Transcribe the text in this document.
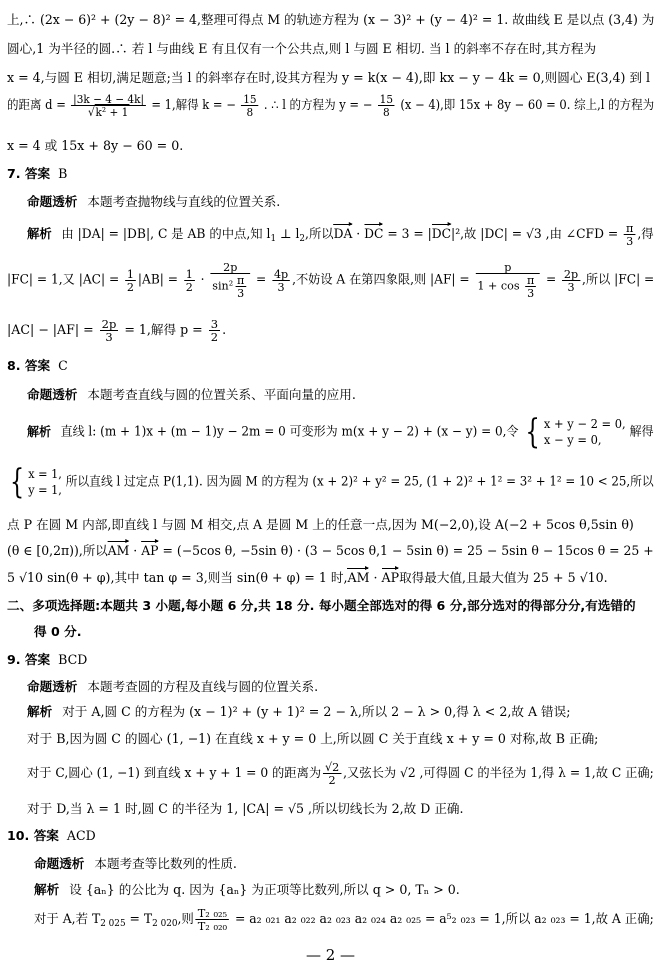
上,∴ (2x − 6)² + (2y − 8)² = 4,整理可得点 M 的轨迹方程为 (x − 3)² + (y − 4)² = 1. 故曲线 E 是以点 (3,4) 为
圆心,1 为半径的圆.∴ 若 l 与曲线 E 有且仅有一个公共点,则 l 与圆 E 相切. 当 l 的斜率不存在时,其方程为
x = 4,与圆 E 相切,满足题意;当 l 的斜率存在时,设其方程为 y = k(x − 4),即 kx − y − 4k = 0,则圆心 E(3,4) 到 l
的距离 $d = \frac{|3k - 4 - 4k|}{\text{√k² + 1}} = 1$,解得 k = − $\frac{15}{8}$ . ∴ l 的方程为 y = − $\frac{15}{8} (x - 4)$,即 15x + 8y − 60 = 0. 综上,l 的方程为
x = 4 或 15x + 8y − 60 = 0.
7. 答案 B
命题透析 本题考查抛物线与直线的位置关系.
解析 由 |DA| = |DB|, C 是 AB 的中点,知 $l_1$ ⊥ $l_2$,所以DA · DC = 3 = |DC|²,故 |DC| = √3 ,由 ∠CFD = $\frac{\pi}{3}$ ,得
|FC| = 1,又 $|AC| = \frac{1}{2} |AB| = \frac{1}{2} \cdot \frac{2p}{\sin^2 \frac{\pi}{3}} = \frac{4p}{3}$ ,不妨设 A 在第四象限,则 $|AF| = \frac{p}{1 + \cos \frac{\pi}{3}} = \frac{2p}{3}$ ,所以 |FC| =
$|AC| - |AF| = \frac{2p}{3} = 1$,解得 $p = \frac{3}{2}$ .
8. 答案 C
命题透析 本题考查直线与圆的位置关系、平面向量的应用.
解析 直线 l: (m + 1)x + (m − 1)y − 2m = 0 可变形为 m(x + y − 2) + (x − y) = 0,令 { x + y − 2 = 0,
x − y = 0, 解得
{ x = 1,
y = 1, 所以直线 l 过定点 P(1,1). 因为圆 M 的方程为 (x + 2)² + y² = 25, (1 + 2)² + 1² = 3² + 1² = 10 < 25,所以
点 P 在圆 M 内部,即直线 l 与圆 M 相交,点 A 是圆 M 上的任意一点,因为 M(−2,0),设 A(−2 + 5cos θ,5sin θ)
(θ ∈ [0,2π)),所以AM · AP = (−5cos θ, −5sin θ) · (3 − 5cos θ,1 − 5sin θ) = 25 − 5sin θ − 15cos θ = 25 +
5 √10 sin(θ + φ),其中 tan φ = 3,则当 sin(θ + φ) = 1 时,AM · AP取得最大值,且最大值为 25 + 5 √10.
二、多项选择题:本题共 3 小题,每小题 6 分,共 18 分. 每小题全部选对的得 6 分,部分选对的得部分分,有选错的
得 0 分.
9. 答案 BCD
命题透析 本题考查圆的方程及直线与圆的位置关系.
解析 对于 A,圆 C 的方程为 (x − 1)² + (y + 1)² = 2 − λ,所以 2 − λ > 0,得 λ < 2,故 A 错误;
对于 B,因为圆 C 的圆心 (1, −1) 在直线 x + y = 0 上,所以圆 C 关于直线 x + y = 0 对称,故 B 正确;
对于 C,圆心 (1, −1) 到直线 x + y + 1 = 0 的距离为 $\frac{√2}{2}$ ,又弦长为 √2 ,可得圆 C 的半径为 1,得 λ = 1,故 C 正确;
对于 D,当 λ = 1 时,圆 C 的半径为 1, |CA| = √5 ,所以切线长为 2,故 D 正确.
10. 答案 ACD
命题透析 本题考查等比数列的性质.
解析 设 {aₙ} 的公比为 q. 因为 {aₙ} 为正项等比数列,所以 q > 0, Tₙ > 0.
对于 A,若 $T_{2 025} = T_{2 020}$,则 $\frac{\text{T₂ ₀₂₅}}{\text{T₂ ₀₂₀}} = a_2$ ₀₂₁ a₂ ₀₂₂ a₂ ₀₂₃ a₂ ₀₂₄ a₂ ₀₂₅ = a⁵₂ ₀₂₃ = 1,所以 a₂ ₀₂₃ = 1,故 A 正确;
— 2 —
